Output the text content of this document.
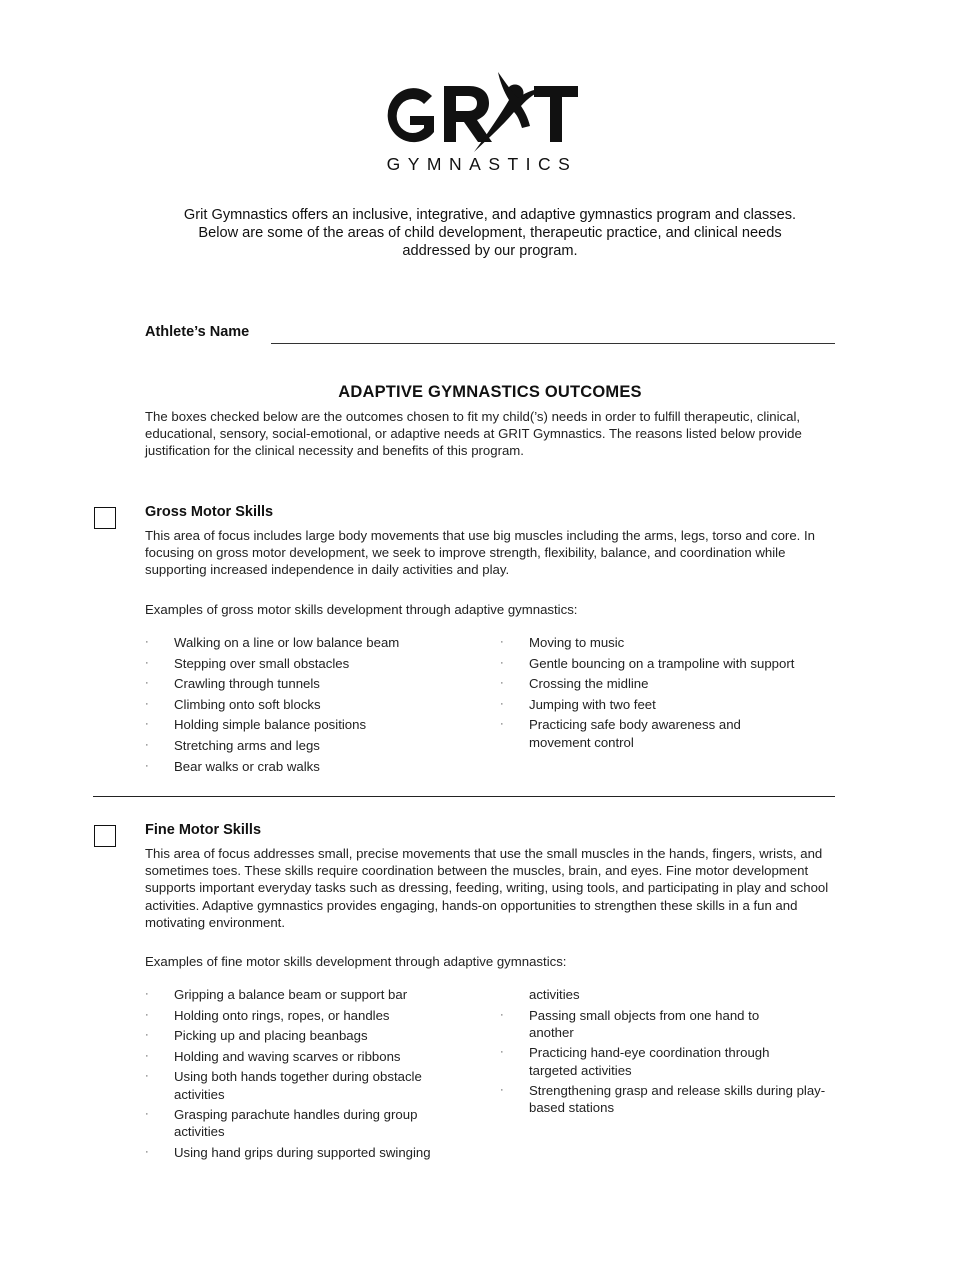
GYMNASTICS

Grit Gymnastics offers an inclusive, integrative, and adaptive gymnastics program and classes.

Below are some of the areas of child development, therapeutic practice, and clinical needs

addressed by our program.

Athlete’s Name
ADAPTIVE GYMNASTICS OUTCOMES

The boxes checked below are the outcomes chosen to fit my child(’s) needs in order to fulfill therapeutic, clinical, educational, sensory, social-emotional, or adaptive needs at GRIT Gymnastics. The reasons listed below provide justification for the clinical necessity and benefits of this program.

Gross Motor Skills

This area of focus includes large body movements that use big muscles including the arms, legs, torso and core. In focusing on gross motor development, we seek to improve strength, flexibility, balance, and coordination while supporting increased independence in daily activities and play.

Examples of gross motor skills development through adaptive gymnastics:
·	Walking on a line or low balance beam
·	Stepping over small obstacles
·	Crawling through tunnels
·	Climbing onto soft blocks
·	Holding simple balance positions
·	Stretching arms and legs
·	Bear walks or crab walks
·	Moving to music
·	Gentle bouncing on a trampoline with support
·	Crossing the midline
·	Jumping with two feet
·	Practicing safe body awareness and movement control
Fine Motor Skills

This area of focus addresses small, precise movements that use the small muscles in the hands, fingers, wrists, and sometimes toes. These skills require coordination between the muscles, brain, and eyes. Fine motor development supports important everyday tasks such as dressing, feeding, writing, using tools, and participating in play and school activities. Adaptive gymnastics provides engaging, hands-on opportunities to strengthen these skills in a fun and motivating environment.

Examples of fine motor skills development through adaptive gymnastics:
·	Gripping a balance beam or support bar
·	Holding onto rings, ropes, or handles
·	Picking up and placing beanbags
·	Holding and waving scarves or ribbons
·	Using both hands together during obstacle activities
·	Grasping parachute handles during group activities
·	Using hand grips during supported swinging
activities
·	Passing small objects from one hand to another
·	Practicing hand-eye coordination through targeted activities
·	Strengthening grasp and release skills during play-based stations
